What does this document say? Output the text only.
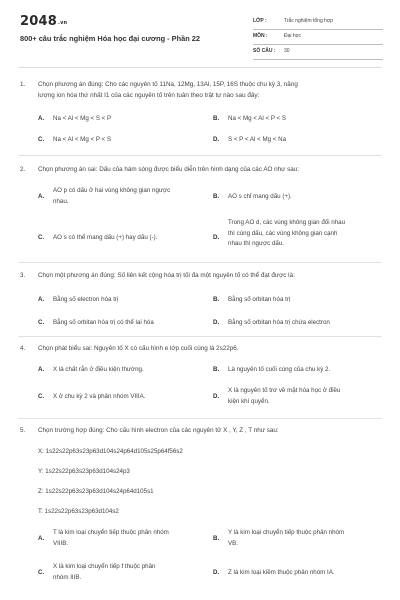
2048.vn
800+ câu trắc nghiệm Hóa học đại cương - Phần 22
LỚP :	Trắc nghiệm tổng hợp
MÔN :	Đại học
SỐ CÂU : 30
1.	Chọn phương án đúng: Cho các nguyên tố 11Na, 12Mg, 13Al, 15P, 16S thuộc chu kỳ 3, năng
lượng ion hóa thứ nhất I1 của các nguyên tố trên tuân theo trật tự nào sau đây:
A. Na < Al < Mg < S < P	B. Na < Mg < Al < P < S
C. Na < Al < Mg < P < S	D. S < P < Al < Mg < Na
2.	Chọn phương án sai: Dấu của hàm sóng được biểu diễn trên hình dạng của các AO như sau:
A.
AO p có dấu ở hai vùng không gian ngược
nhau.
B. AO s chỉ mang dấu (+).
C. AO s có thể mang dấu (+) hay dấu (-).	D.
Trong AO d, các vùng không gian đối nhau
thì cùng dấu, các vùng không gian cạnh
nhau thì ngược dấu.
3.	Chọn một phương án đúng: Số liên kết cộng hóa trị tối đa một nguyên tố có thể đạt được là:
A. Bằng số electron hóa trị	B. Bằng số orbitan hóa trị
C. Bằng số orbitan hóa trị có thể lai hóa	D. Bằng số orbitan hóa trị chứa electron
4.	Chọn phát biểu sai: Nguyên tố X có cấu hình e lớp cuối cùng là 2s22p6.
A. X là chất rắn ở điều kiện thường.	B. Là nguyên tố cuối cùng của chu kỳ 2.
C. X ở chu kỳ 2 và phân nhóm VIIIA.	D.
X là nguyên tố trơ về mặt hóa học ở điều
kiện khí quyển.
5.	Chọn trường hợp đúng: Cho cấu hình electron của các nguyên tử X , Y, Z , T như sau:
X: 1s22s22p63s23p63d104s24p64d105s25p64f56s2
Y: 1s22s22p63s23p63d104s24p3
Z: 1s22s22p63s23p63d104s24p64d105s1
T: 1s22s22p63s23p63d104s2
A.
T là kim loại chuyển tiếp thuộc phân nhóm
VIIIB.
B.
Y là kim loại chuyển tiếp thuộc phân nhóm
VB.
C.
X là kim loại chuyển tiếp f thuộc phân
nhóm IIIB.
D. Z là kim loại kiềm thuộc phân nhóm IA.
